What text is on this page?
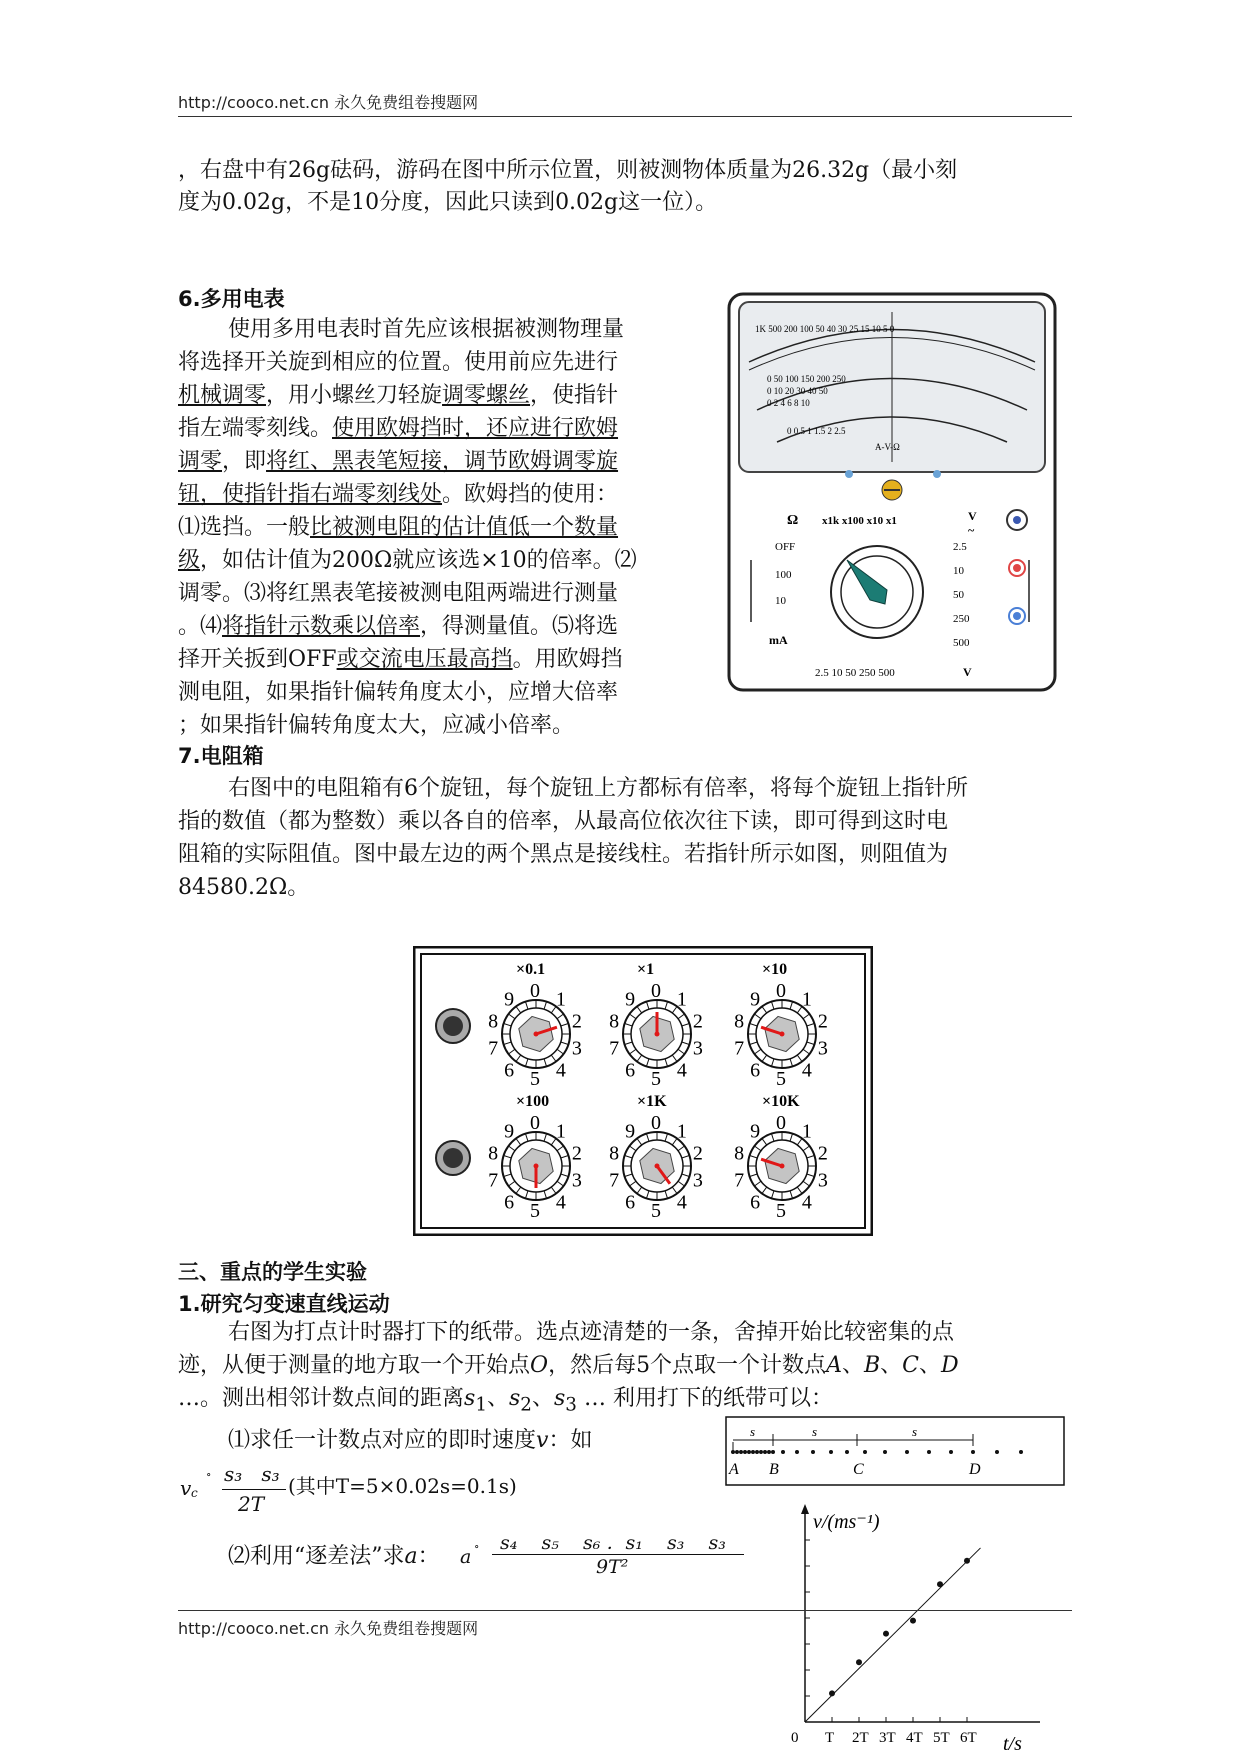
http://cooco.net.cn 永久免费组卷搜题网
，右盘中有26g砝码，游码在图中所示位置，则被测物体质量为26.32g（最小刻
度为0.02g，不是10分度，因此只读到0.02g这一位）。
6.多用电表
使用多用电表时首先应该根据被测物理量
将选择开关旋到相应的位置。使用前应先进行
机械调零，用小螺丝刀轻旋调零螺丝，使指针
指左端零刻线。使用欧姆挡时，还应进行欧姆
调零，即将红、黑表笔短接，调节欧姆调零旋
钮，使指针指右端零刻线处。欧姆挡的使用：
⑴选挡。一般比被测电阻的估计值低一个数量
级，如估计值为200Ω就应该选×10的倍率。⑵
调零。⑶将红黑表笔接被测电阻两端进行测量
。⑷将指针示数乘以倍率，得测量值。⑸将选
择开关扳到OFF或交流电压最高挡。用欧姆挡
测电阻，如果指针偏转角度太小，应增大倍率
；如果指针偏转角度太大，应减小倍率。
1K 500 200 100 50 40 30 25 15 10 5 0
0 50 100 150 200 250
0 10 20 30 40 50
0 2 4 6 8 10
0 0.5 1 1.5 2 2.5
A-V-Ω
Ω x1k x100 x10 x1	V
~
OFF
100
10
2.5
10
50
250
500
mA
2.5 10 50 250 500	V
7.电阻箱
右图中的电阻箱有6个旋钮，每个旋钮上方都标有倍率，将每个旋钮上指针所
指的数值（都为整数）乘以各自的倍率，从最高位依次往下读，即可得到这时电
阻箱的实际阻值。图中最左边的两个黑点是接线柱。若指针所示如图，则阻值为
84580.2Ω。
×0.1
0 1
2
3
4
5
6
7
8
9
×1
0 1
2
3
4
5
6
7
8
9
×10
0 1
2
3
4
5
6
7
8
9
×100
0 1
2
3
4
5
6
7
8
9
×1K
0 1
2
3
4
5
6
7
8
9
×10K
0 1
2
3
4
5
6
7
8
9
三、重点的学生实验
1.研究匀变速直线运动
右图为打点计时器打下的纸带。选点迹清楚的一条，舍掉开始比较密集的点
迹，从便于测量的地方取一个开始点O，然后每5个点取一个计数点A、B、C、D
…。测出相邻计数点间的距离$s_1$、$s_2$、$s_3$ … 利用打下的纸带可以：
⑴求任一计数点对应的即时速度v：如
v c
∘ s₃   s₃
2T
(其中T=5×0.02s=0.1s)
⑵利用“逐差法”求a： a ∘ s₄    s₅    s₆ ．s₁    s₃    s₃
9T²
A B	C	D
s	s	s
v/(ms⁻¹)
t/s
0 T 2T 3T 4T 5T 6T
http://cooco.net.cn 永久免费组卷搜题网
